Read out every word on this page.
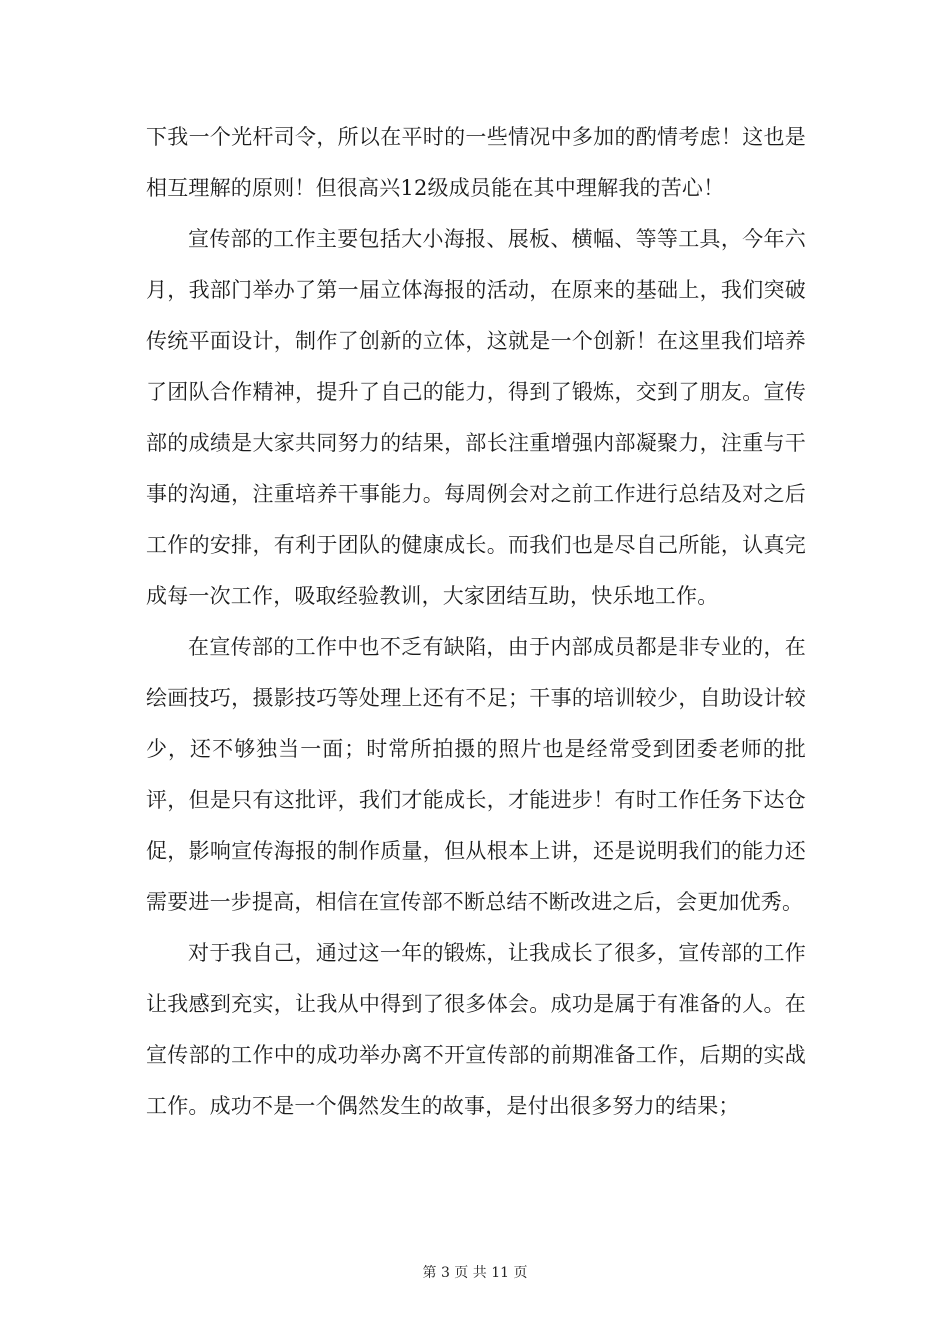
下我一个光杆司令，所以在平时的一些情况中多加的酌情考虑！这也是相互理解的原则！但很高兴12级成员能在其中理解我的苦心！

宣传部的工作主要包括大小海报、展板、横幅、等等工具，今年六月，我部门举办了第一届立体海报的活动，在原来的基础上，我们突破传统平面设计，制作了创新的立体，这就是一个创新！在这里我们培养了团队合作精神，提升了自己的能力，得到了锻炼，交到了朋友。宣传部的成绩是大家共同努力的结果，部长注重增强内部凝聚力，注重与干事的沟通，注重培养干事能力。每周例会对之前工作进行总结及对之后工作的安排，有利于团队的健康成长。而我们也是尽自己所能，认真完成每一次工作，吸取经验教训，大家团结互助，快乐地工作。

在宣传部的工作中也不乏有缺陷，由于内部成员都是非专业的，在绘画技巧，摄影技巧等处理上还有不足；干事的培训较少，自助设计较少，还不够独当一面；时常所拍摄的照片也是经常受到团委老师的批评，但是只有这批评，我们才能成长，才能进步！有时工作任务下达仓促，影响宣传海报的制作质量，但从根本上讲，还是说明我们的能力还需要进一步提高，相信在宣传部不断总结不断改进之后，会更加优秀。

对于我自己，通过这一年的锻炼，让我成长了很多，宣传部的工作让我感到充实，让我从中得到了很多体会。成功是属于有准备的人。在宣传部的工作中的成功举办离不开宣传部的前期准备工作，后期的实战工作。成功不是一个偶然发生的故事，是付出很多努力的结果；

第 3 页 共 11 页
